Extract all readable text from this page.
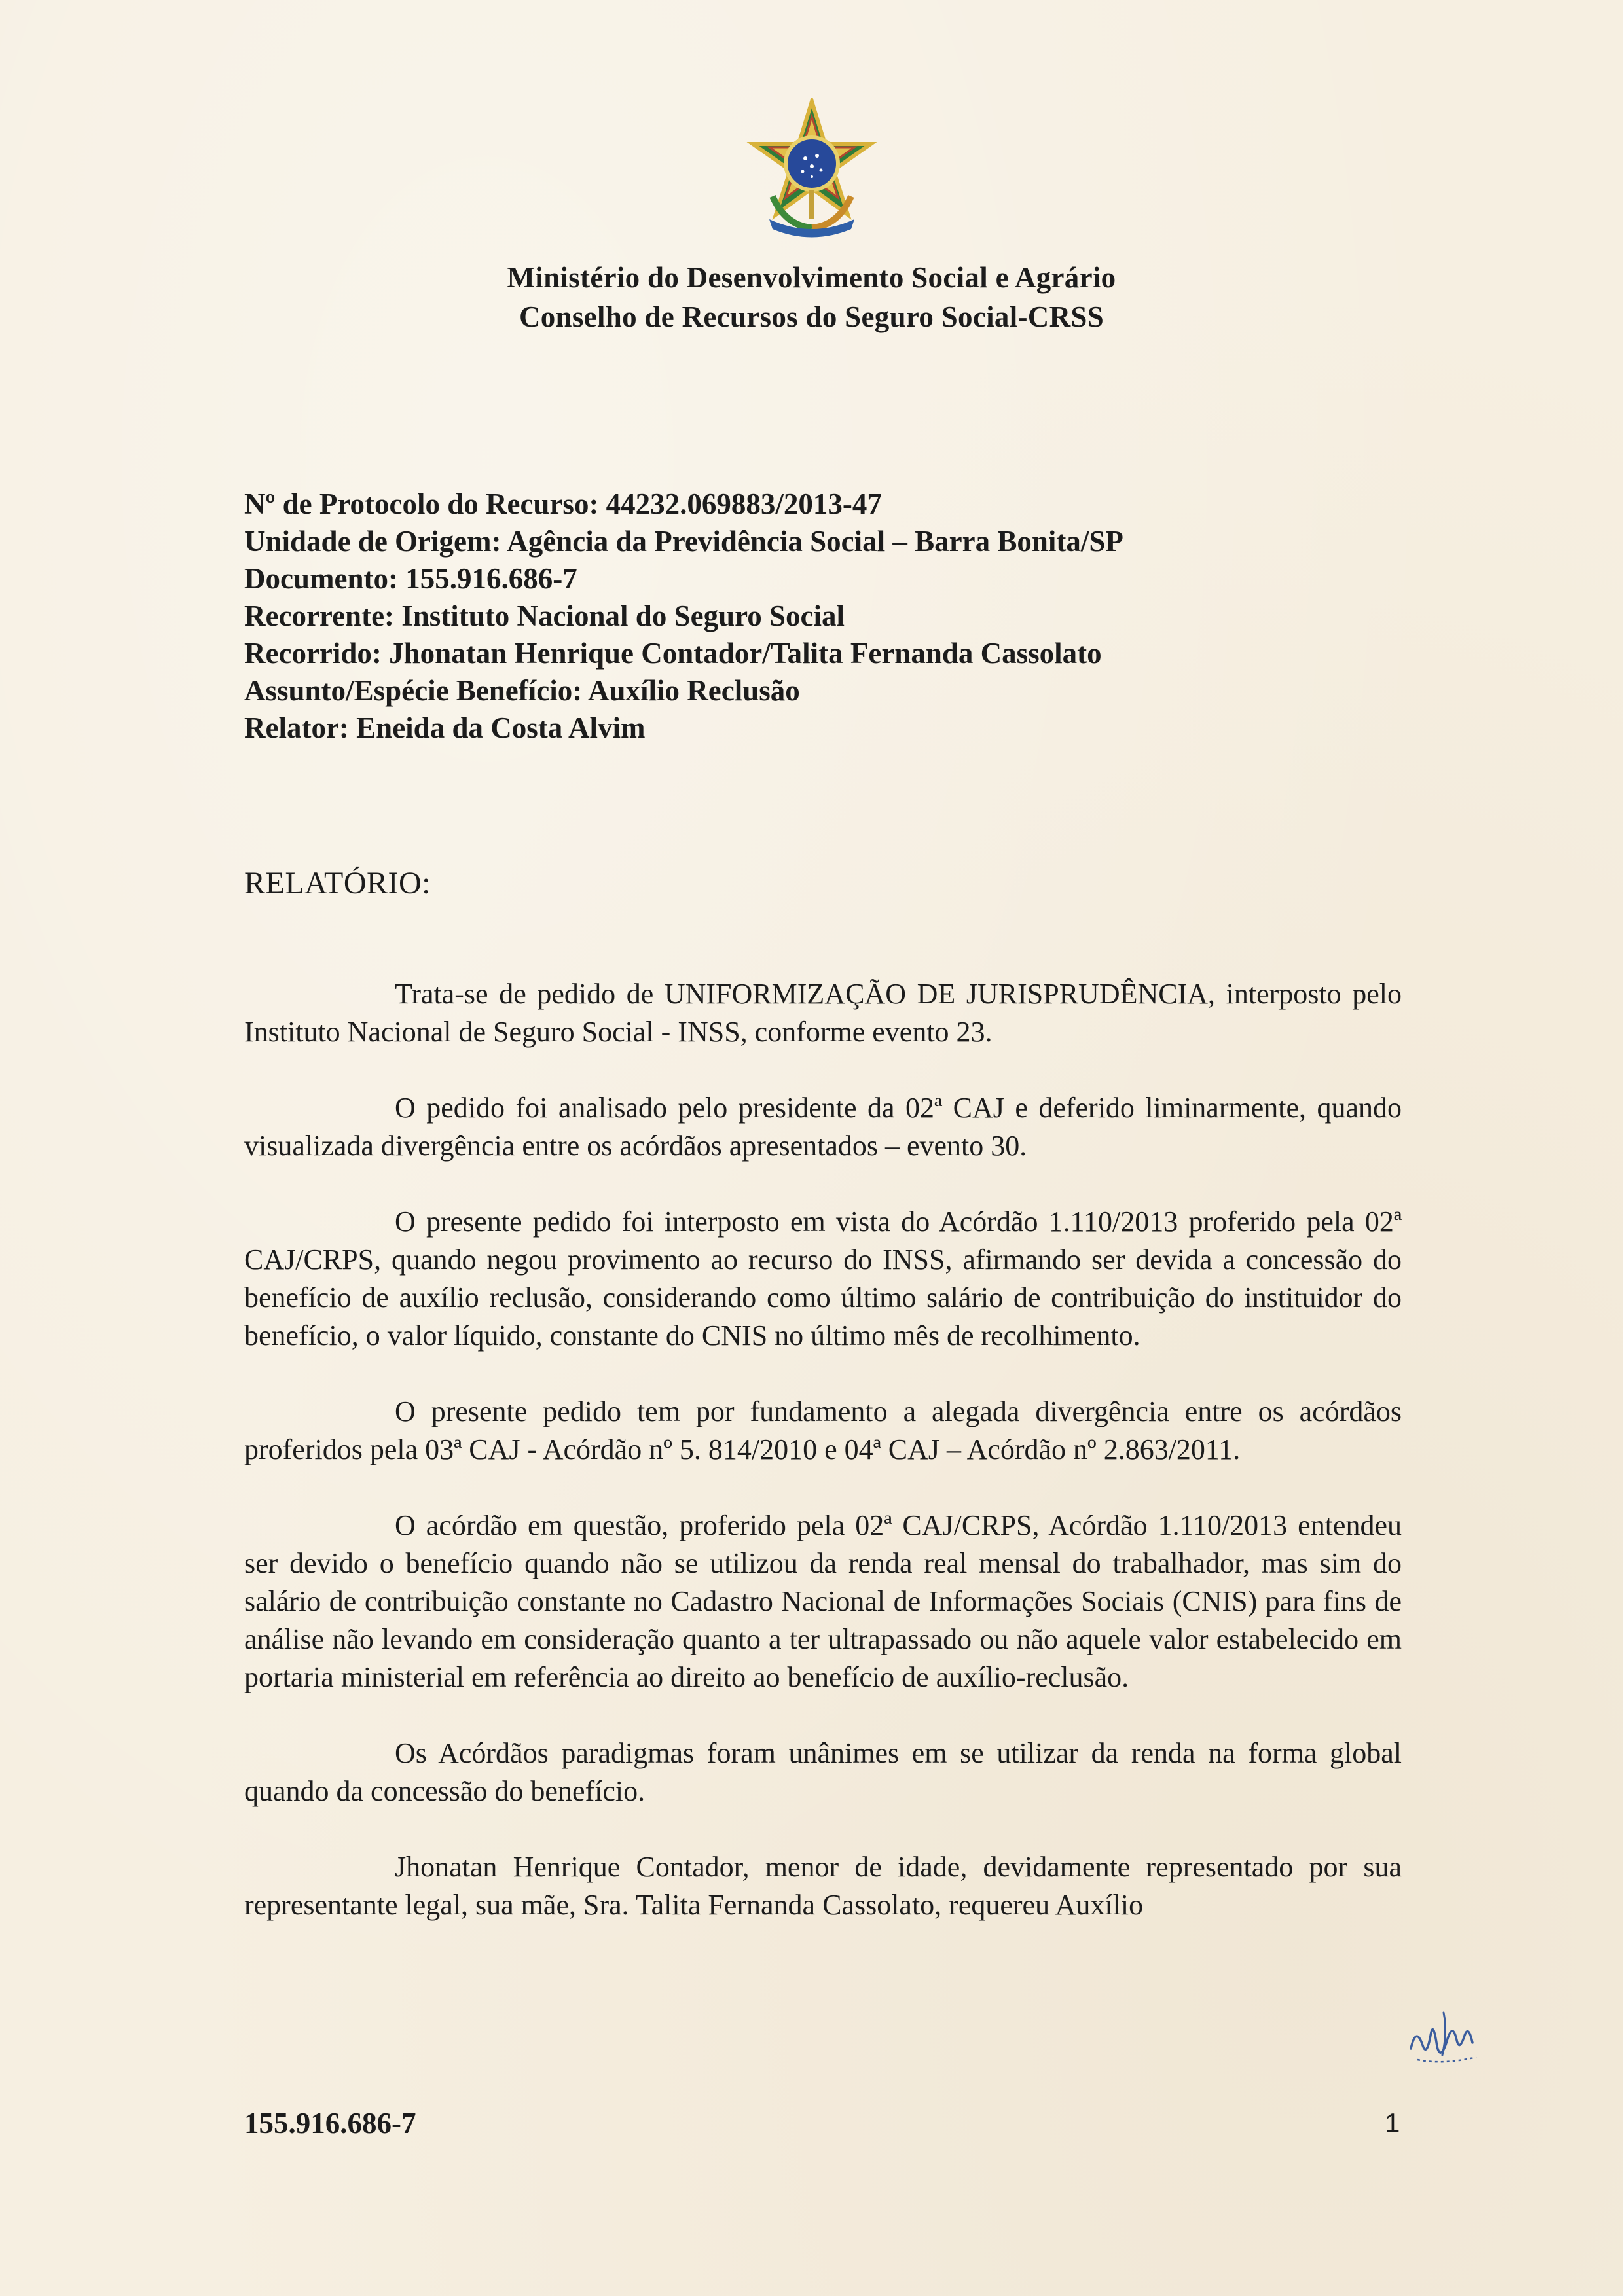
Ministério do Desenvolvimento Social e Agrário
Conselho de Recursos do Seguro Social-CRSS
Nº de Protocolo do Recurso: 44232.069883/2013-47
Unidade de Origem: Agência da Previdência Social – Barra Bonita/SP
Documento: 155.916.686-7
Recorrente: Instituto Nacional do Seguro Social
Recorrido: Jhonatan Henrique Contador/Talita Fernanda Cassolato
Assunto/Espécie Benefício: Auxílio Reclusão
Relator: Eneida da Costa Alvim
RELATÓRIO:

Trata-se de pedido de UNIFORMIZAÇÃO DE JURISPRUDÊNCIA, interposto pelo Instituto Nacional de Seguro Social - INSS, conforme evento 23.

O pedido foi analisado pelo presidente da 02ª CAJ e deferido liminarmente, quando visualizada divergência entre os acórdãos apresentados – evento 30.

O presente pedido foi interposto em vista do Acórdão 1.110/2013 proferido pela 02ª CAJ/CRPS, quando negou provimento ao recurso do INSS, afirmando ser devida a concessão do benefício de auxílio reclusão, considerando como último salário de contribuição do instituidor do benefício, o valor líquido, constante do CNIS no último mês de recolhimento.

O presente pedido tem por fundamento a alegada divergência entre os acórdãos proferidos pela 03ª CAJ - Acórdão nº 5. 814/2010 e 04ª CAJ – Acórdão nº 2.863/2011.

O acórdão em questão, proferido pela 02ª CAJ/CRPS, Acórdão 1.110/2013 entendeu ser devido o benefício quando não se utilizou da renda real mensal do trabalhador, mas sim do salário de contribuição constante no Cadastro Nacional de Informações Sociais (CNIS) para fins de análise não levando em consideração quanto a ter ultrapassado ou não aquele valor estabelecido em portaria ministerial em referência ao direito ao benefício de auxílio-reclusão.

Os Acórdãos paradigmas foram unânimes em se utilizar da renda na forma global quando da concessão do benefício.

Jhonatan Henrique Contador, menor de idade, devidamente representado por sua representante legal, sua mãe, Sra. Talita Fernanda Cassolato, requereu Auxílio

155.916.686-7	1
